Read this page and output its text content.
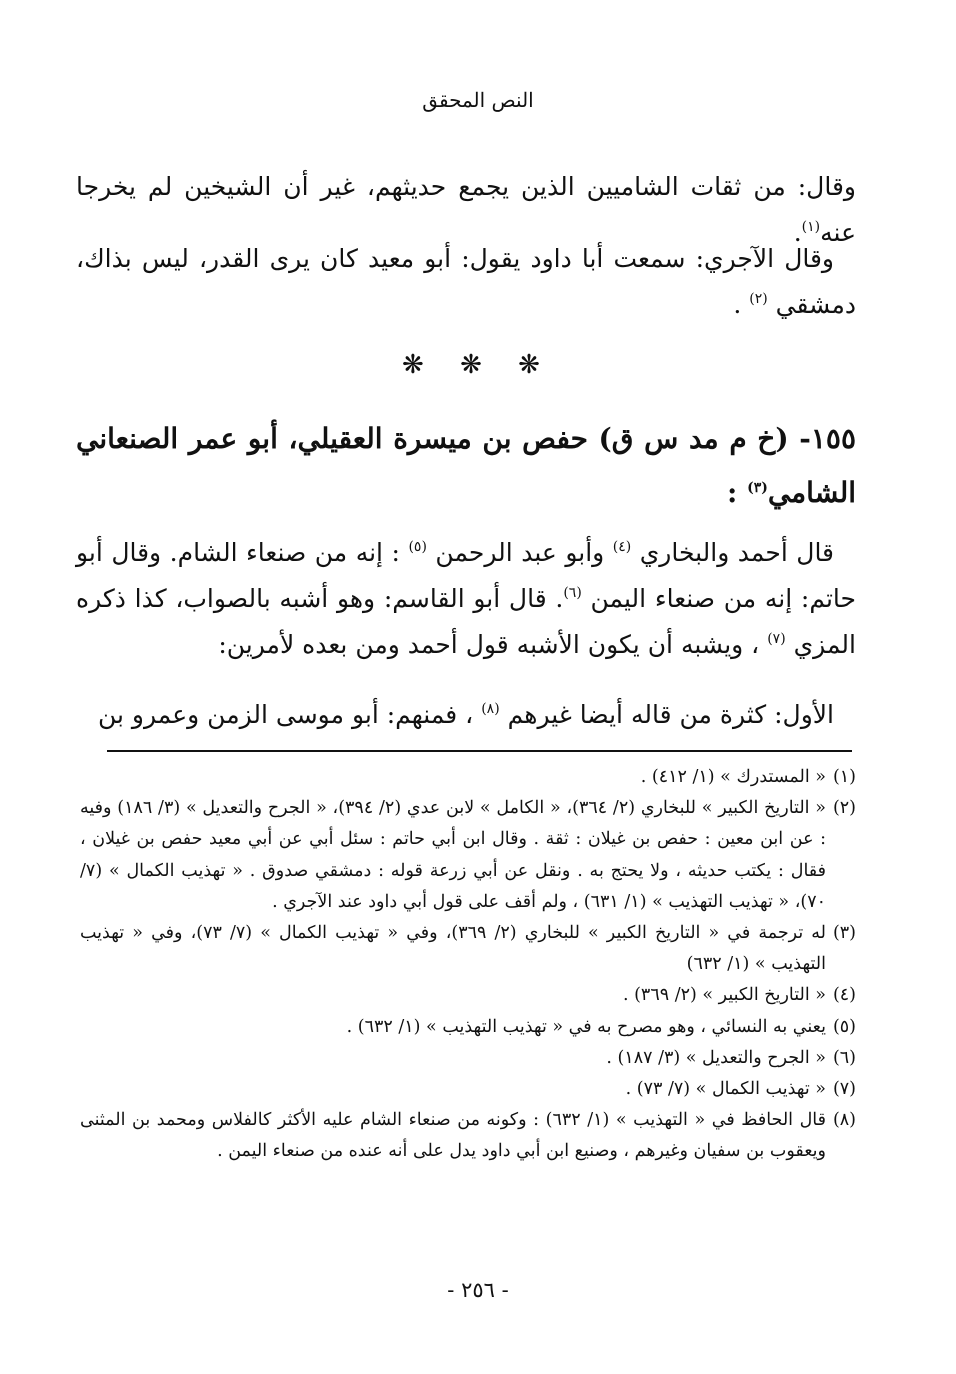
النص المحقق

وقال: من ثقات الشاميين الذين يجمع حديثهم، غير أن الشيخين لم يخرجا عنه$^{(١)}$.

وقال الآجري: سمعت أبا داود يقول: أبو معيد كان يرى القدر، ليس بذاك، دمشقي $^{(٢)}$ .

❋ ❋ ❋
١٥٥- (خ م مد س ق) حفص بن ميسرة العقيلي، أبو عمر الصنعاني الشامي$^{(٣)}$ :

قال أحمد والبخاري $^{(٤)}$ وأبو عبد الرحمن $^{(٥)}$ : إنه من صنعاء الشام. وقال أبو حاتم: إنه من صنعاء اليمن $^{(٦)}$. قال أبو القاسم: وهو أشبه بالصواب، كذا ذكره المزي $^{(٧)}$ ، ويشبه أن يكون الأشبه قول أحمد ومن بعده لأمرين:

الأول: كثرة من قاله أيضا غيرهم $^{(٨)}$ ، فمنهم: أبو موسى الزمن وعمرو بن

(١)
« المستدرك » (١/ ٤١٢) .
(٢)
« التاريخ الكبير » للبخاري (٢/ ٣٦٤)، « الكامل » لابن عدي (٢/ ٣٩٤)، « الجرح والتعديل » (٣/ ١٨٦) وفيه : عن ابن معين : حفص بن غيلان : ثقة . وقال ابن أبي حاتم : سئل أبي عن أبي معيد حفص بن غيلان ، فقال : يكتب حديثه ، ولا يحتج به . ونقل عن أبي زرعة قوله : دمشقي صدوق . « تهذيب الكمال » (٧/ ٧٠)، « تهذيب التهذيب » (١/ ٦٣١) ، ولم أقف على قول أبي داود عند الآجري .
(٣)
له ترجمة في « التاريخ الكبير » للبخاري (٢/ ٣٦٩)، وفي « تهذيب الكمال » (٧/ ٧٣)، وفي « تهذيب التهذيب » (١/ ٦٣٢)
(٤)
« التاريخ الكبير » (٢/ ٣٦٩) .
(٥)
يعني به النسائي ، وهو مصرح به في « تهذيب التهذيب » (١/ ٦٣٢) .
(٦)
« الجرح والتعديل » (٣/ ١٨٧) .
(٧)
« تهذيب الكمال » (٧/ ٧٣) .
(٨)
قال الحافظ في « التهذيب » (١/ ٦٣٢) : وكونه من صنعاء الشام عليه الأكثر كالفلاس ومحمد بن المثنى ويعقوب بن سفيان وغيرهم ، وصنيع ابن أبي داود يدل على أنه عنده من صنعاء اليمن .
- ٢٥٦ -
